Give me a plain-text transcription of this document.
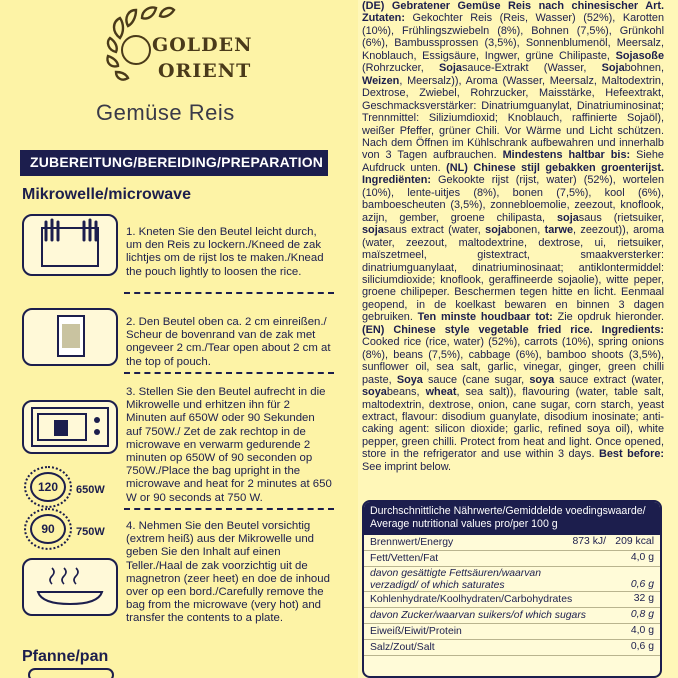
GOLDEN
ORIENT
Gemüse Reis
ZUBEREITUNG/BEREIDING/PREPARATION
Mikrowelle/microwave
1. Kneten Sie den Beutel leicht durch, um den Reis zu lockern./Kneed de zak lichtjes om de rijst los te maken./Knead the pouch lightly to loosen the rice.
2. Den Beutel oben ca. 2 cm einreißen./ Scheur de bovenrand van de zak met ongeveer 2 cm./Tear open about 2 cm at the top of pouch.
3. Stellen Sie den Beutel aufrecht in die Mikrowelle und erhitzen ihn für 2 Minuten auf 650W oder 90 Sekunden auf 750W./ Zet de zak rechtop in de microwave en verwarm gedurende 2 minuten op 650W of 90 seconden op 750W./Place the bag upright in the microwave and heat for 2 minutes at 650 W or 90 seconds at 750 W.
120	650W
90	750W 4. Nehmen Sie den Beutel vorsichtig (extrem heiß) aus der Mikrowelle und geben Sie den Inhalt auf einen Teller./Haal de zak voorzichtig uit de magnetron (zeer heet) en doe de inhoud over op een bord./Carefully remove the bag from the microwave (very hot) and transfer the contents to a plate.
Pfanne/pan
(DE) Gebratener Gemüse Reis nach chinesischer Art. Zutaten: Gekochter Reis (Reis, Wasser) (52%), Karotten (10%), Frühlingszwiebeln (8%), Bohnen (7,5%), Grünkohl (6%), Bambussprossen (3,5%), Sonnenblumenöl, Meersalz, Knoblauch, Essigsäure, Ingwer, grüne Chilipaste, Sojasoße (Rohrzucker, Sojasauce-Extrakt (Wasser, Sojabohnen, Weizen, Meersalz)), Aroma (Wasser, Meersalz, Maltodextrin, Dextrose, Zwiebel, Rohrzucker, Maisstärke, Hefeextrakt, Geschmacksverstärker: Dinatriumguanylat, Dinatriuminosinat; Trennmittel: Siliziumdioxid; Knoblauch, raffinierte Sojaöl), weißer Pfeffer, grüner Chili. Vor Wärme und Licht schützen. Nach dem Öffnen im Kühlschrank aufbewahren und innerhalb von 3 Tagen aufbrauchen. Mindestens haltbar bis: Siehe Aufdruck unten. (NL) Chinese stijl gebakken groenterijst. Ingrediënten: Gekookte rijst (rijst, water) (52%), wortelen (10%), lente-uitjes (8%), bonen (7,5%), kool (6%), bamboescheuten (3,5%), zonnebloemolie, zeezout, knoflook, azijn, gember, groene chilipasta, sojasaus (rietsuiker, sojasaus extract (water, sojabonen, tarwe, zeezout)), aroma (water, zeezout, maltodextrine, dextrose, ui, rietsuiker, maïszetmeel, gistextract, smaakversterker: dinatriumguanylaat, dinatriuminosinaat; antiklontermiddel: siliciumdioxide; knoflook, geraffineerde sojaolie), witte peper, groene chilipeper. Beschermen tegen hitte en licht. Eenmaal geopend, in de koelkast bewaren en binnen 3 dagen gebruiken. Ten minste houdbaar tot: Zie opdruk hieronder. (EN) Chinese style vegetable fried rice. Ingredients: Cooked rice (rice, water) (52%), carrots (10%), spring onions (8%), beans (7,5%), cabbage (6%), bamboo shoots (3,5%), sunflower oil, sea salt, garlic, vinegar, ginger, green chilli paste, Soya sauce (cane sugar, soya sauce extract (water, soyabeans, wheat, sea salt)), flavouring (water, table salt, maltodextrin, dextrose, onion, cane sugar, corn starch, yeast extract, flavour: disodium guanylate, disodium inosinate; anti-caking agent: silicon dioxide; garlic, refined soya oil), white pepper, green chilli. Protect from heat and light. Once opened, store in the refrigerator and use within 3 days. Best before: See imprint below.
Durchschnittliche Nährwerte/Gemiddelde voedingswaarde/ Average nutritional values pro/per 100 g
Brennwert/Energy	873 kJ/ 209 kcal
Fett/Vetten/Fat	4,0 g
davon gesättigte Fettsäuren/waarvan verzadigd/ of which saturates	0,6 g
Kohlenhydrate/Koolhydraten/Carbohydrates	32 g
davon Zucker/waarvan suikers/of which sugars	0,8 g
Eiweiß/Eiwit/Protein	4,0 g
Salz/Zout/Salt	0,6 g
